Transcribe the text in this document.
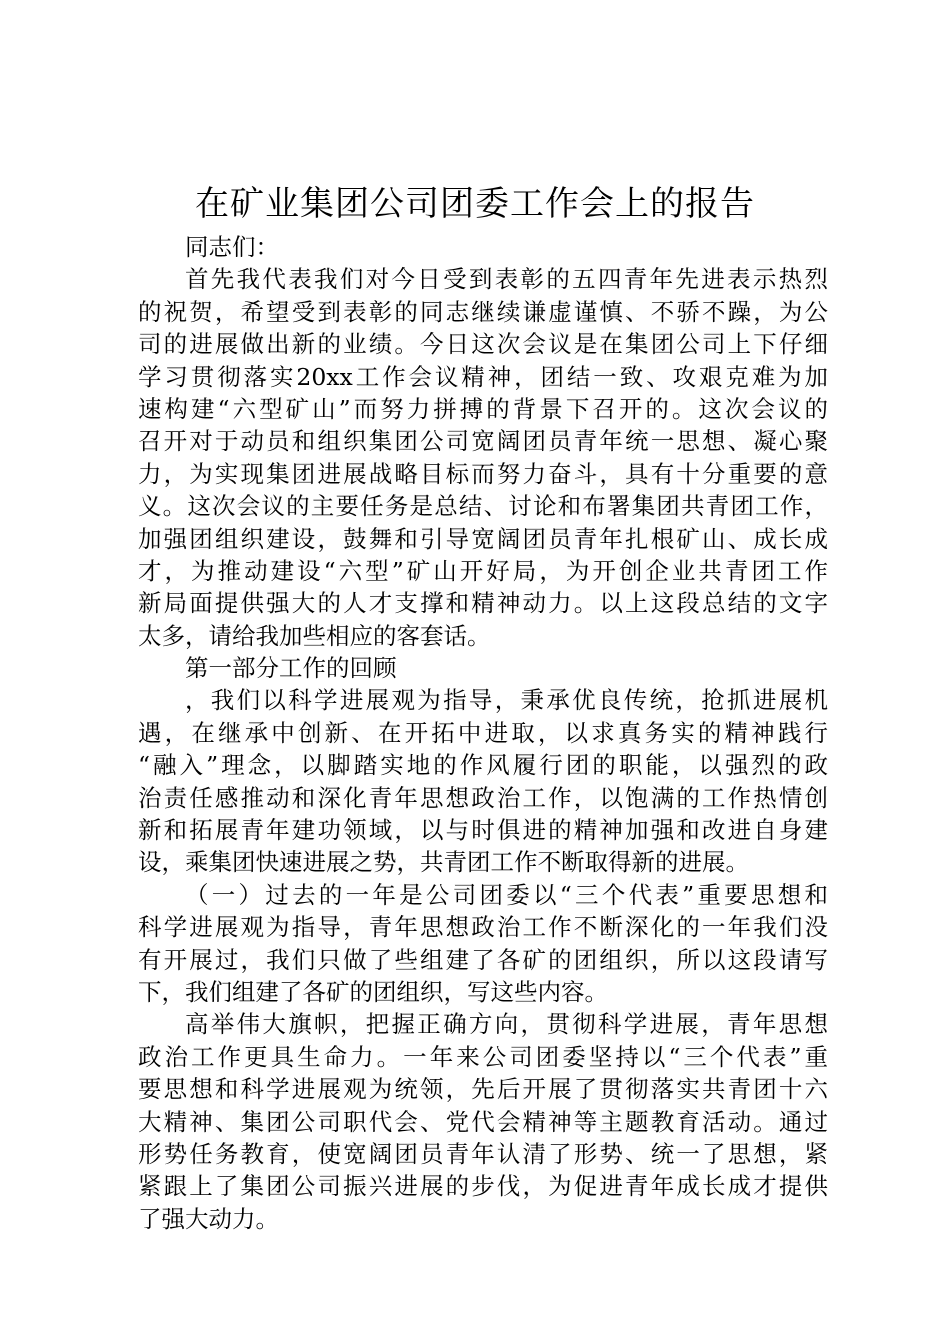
在矿业集团公司团委工作会上的报告
同志们：
首先我代表我们对今日受到表彰的五四青年先进表示热烈
的祝贺，希望受到表彰的同志继续谦虚谨慎、不骄不躁，为公
司的进展做出新的业绩。今日这次会议是在集团公司上下仔细
学习贯彻落实20xx工作会议精神，团结一致、攻艰克难为加
速构建“六型矿山”而努力拼搏的背景下召开的。这次会议的
召开对于动员和组织集团公司宽阔团员青年统一思想、凝心聚
力，为实现集团进展战略目标而努力奋斗，具有十分重要的意
义。这次会议的主要任务是总结、讨论和布署集团共青团工作，
加强团组织建设，鼓舞和引导宽阔团员青年扎根矿山、成长成
才，为推动建设“六型”矿山开好局，为开创企业共青团工作
新局面提供强大的人才支撑和精神动力。以上这段总结的文字
太多，请给我加些相应的客套话。
第一部分工作的回顾
，我们以科学进展观为指导，秉承优良传统，抢抓进展机
遇，在继承中创新、在开拓中进取，以求真务实的精神践行
“融入”理念，以脚踏实地的作风履行团的职能，以强烈的政
治责任感推动和深化青年思想政治工作，以饱满的工作热情创
新和拓展青年建功领域，以与时俱进的精神加强和改进自身建
设，乘集团快速进展之势，共青团工作不断取得新的进展。
（一）过去的一年是公司团委以“三个代表”重要思想和
科学进展观为指导，青年思想政治工作不断深化的一年我们没
有开展过，我们只做了些组建了各矿的团组织，所以这段请写
下，我们组建了各矿的团组织，写这些内容。
高举伟大旗帜，把握正确方向，贯彻科学进展，青年思想
政治工作更具生命力。一年来公司团委坚持以“三个代表”重
要思想和科学进展观为统领，先后开展了贯彻落实共青团十六
大精神、集团公司职代会、党代会精神等主题教育活动。通过
形势任务教育，使宽阔团员青年认清了形势、统一了思想，紧
紧跟上了集团公司振兴进展的步伐，为促进青年成长成才提供
了强大动力。
